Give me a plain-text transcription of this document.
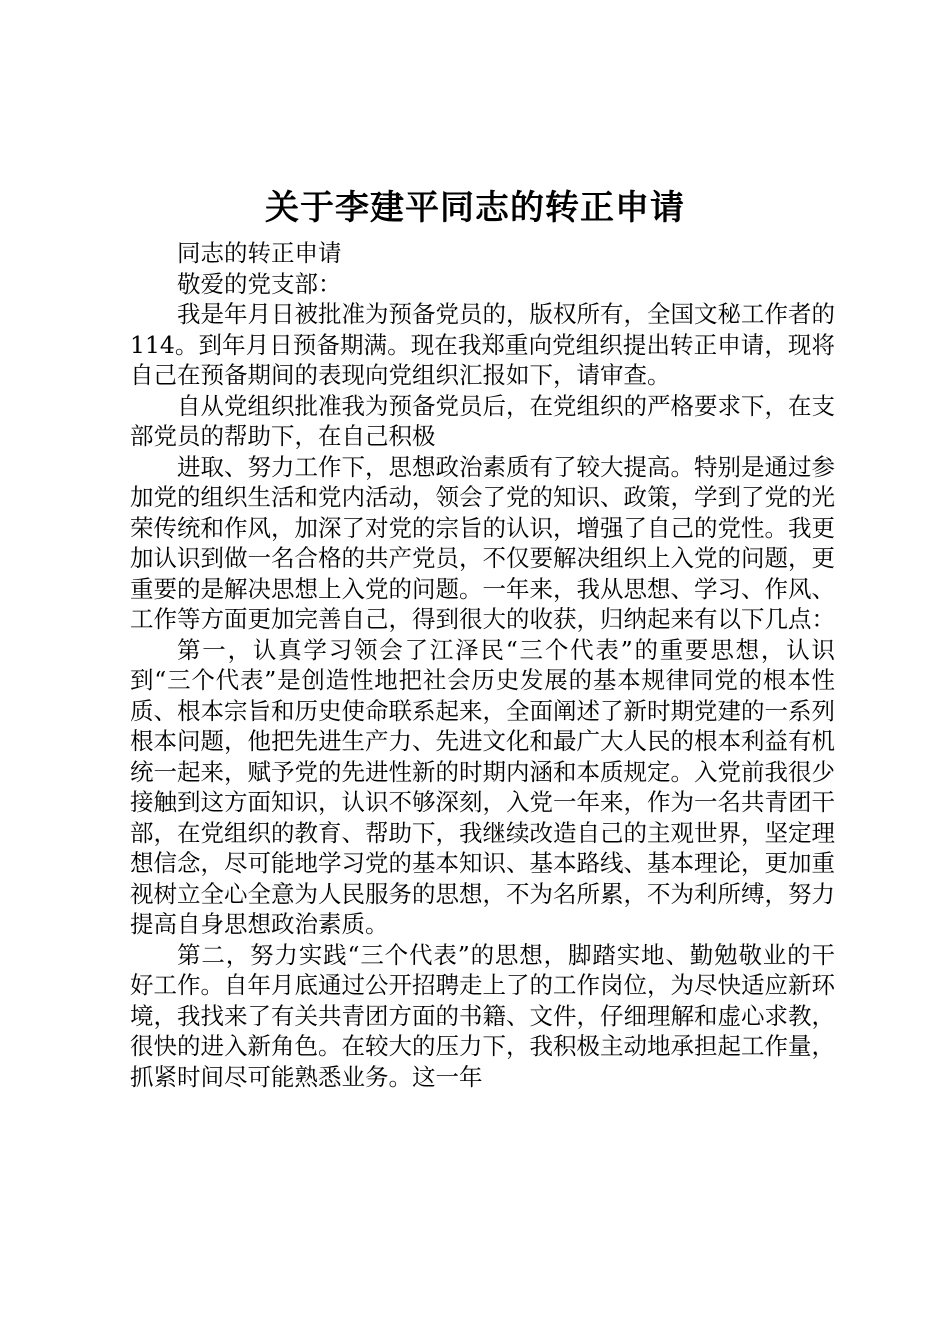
关于李建平同志的转正申请

同志的转正申请

敬爱的党支部：

我是年月日被批准为预备党员的，版权所有，全国文秘工作者的114。到年月日预备期满。现在我郑重向党组织提出转正申请，现将自己在预备期间的表现向党组织汇报如下，请审查。

自从党组织批准我为预备党员后，在党组织的严格要求下，在支部党员的帮助下，在自己积极

进取、努力工作下，思想政治素质有了较大提高。特别是通过参加党的组织生活和党内活动，领会了党的知识、政策，学到了党的光荣传统和作风，加深了对党的宗旨的认识，增强了自己的党性。我更加认识到做一名合格的共产党员，不仅要解决组织上入党的问题，更重要的是解决思想上入党的问题。一年来，我从思想、学习、作风、工作等方面更加完善自己，得到很大的收获，归纳起来有以下几点：

第一，认真学习领会了江泽民“三个代表”的重要思想，认识到“三个代表”是创造性地把社会历史发展的基本规律同党的根本性质、根本宗旨和历史使命联系起来，全面阐述了新时期党建的一系列根本问题，他把先进生产力、先进文化和最广大人民的根本利益有机统一起来，赋予党的先进性新的时期内涵和本质规定。入党前我很少接触到这方面知识，认识不够深刻，入党一年来，作为一名共青团干部，在党组织的教育、帮助下，我继续改造自己的主观世界，坚定理想信念，尽可能地学习党的基本知识、基本路线、基本理论，更加重视树立全心全意为人民服务的思想，不为名所累，不为利所缚，努力提高自身思想政治素质。

第二，努力实践“三个代表”的思想，脚踏实地、勤勉敬业的干好工作。自年月底通过公开招聘走上了的工作岗位，为尽快适应新环境，我找来了有关共青团方面的书籍、文件，仔细理解和虚心求教，很快的进入新角色。在较大的压力下，我积极主动地承担起工作量，抓紧时间尽可能熟悉业务。这一年
